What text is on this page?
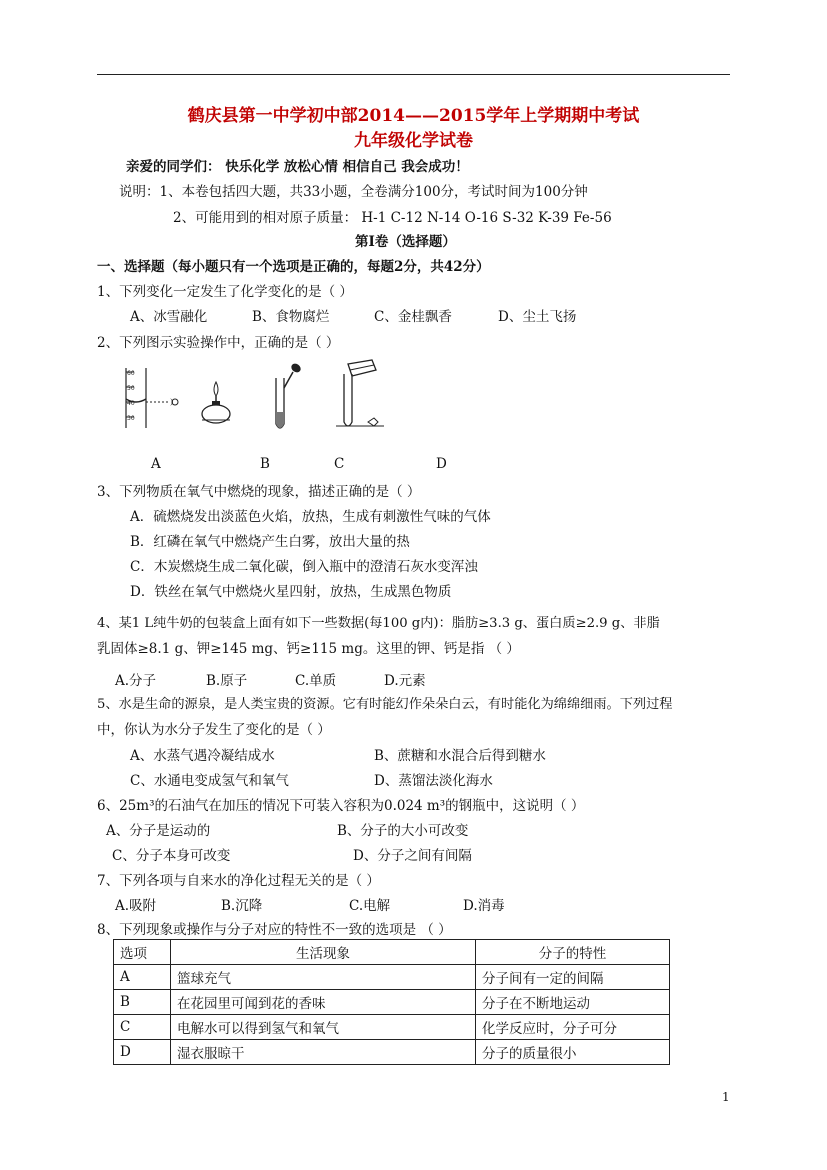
鹤庆县第一中学初中部2014——2015学年上学期期中考试
九年级化学试卷
亲爱的同学们： 快乐化学 放松心情 相信自己 我会成功！
说明：1、本卷包括四大题，共33小题，全卷满分100分，考试时间为100分钟
2、可能用到的相对原子质量： H-1 C-12 N-14 O-16 S-32 K-39 Fe-56
第Ⅰ卷（选择题）
一、选择题（每小题只有一个选项是正确的，每题2分，共42分）
1、下列变化一定发生了化学变化的是（ ）
A、冰雪融化	B、食物腐烂	C、金桂飘香	D、尘土飞扬
2、下列图示实验操作中，正确的是（ ）
60
50
40
30
A	B	C	D
3、下列物质在氧气中燃烧的现象，描述正确的是（ ）
A．硫燃烧发出淡蓝色火焰，放热，生成有刺激性气味的气体
B．红磷在氧气中燃烧产生白雾，放出大量的热
C．木炭燃烧生成二氧化碳，倒入瓶中的澄清石灰水变浑浊
D．铁丝在氧气中燃烧火星四射，放热，生成黑色物质
4、某1 L纯牛奶的包装盒上面有如下一些数据(每100 g内)：脂肪≥3.3 g、蛋白质≥2.9 g、非脂
乳固体≥8.1 g、钾≥145 mg、钙≥115 mg。这里的钾、钙是指 （ ）
A.分子	B.原子	C.单质	D.元素
5、水是生命的源泉，是人类宝贵的资源。它有时能幻作朵朵白云，有时能化为绵绵细雨。下列过程
中，你认为水分子发生了变化的是（ ）
A、水蒸气遇冷凝结成水	B、蔗糖和水混合后得到糖水
C、水通电变成氢气和氧气	D、蒸馏法淡化海水
6、25m³的石油气在加压的情况下可装入容积为0.024 m³的钢瓶中，这说明（ ）
A、分子是运动的	B、分子的大小可改变
C、分子本身可改变	D、分子之间有间隔
7、下列各项与自来水的净化过程无关的是（ ）
A.吸附	B.沉降	C.电解	D.消毒
8、下列现象或操作与分子对应的特性不一致的选项是 （ ）
选项	生活现象	分子的特性
A	篮球充气	分子间有一定的间隔
B	在花园里可闻到花的香味	分子在不断地运动
C	电解水可以得到氢气和氧气	化学反应时，分子可分
D	湿衣服晾干	分子的质量很小
1
